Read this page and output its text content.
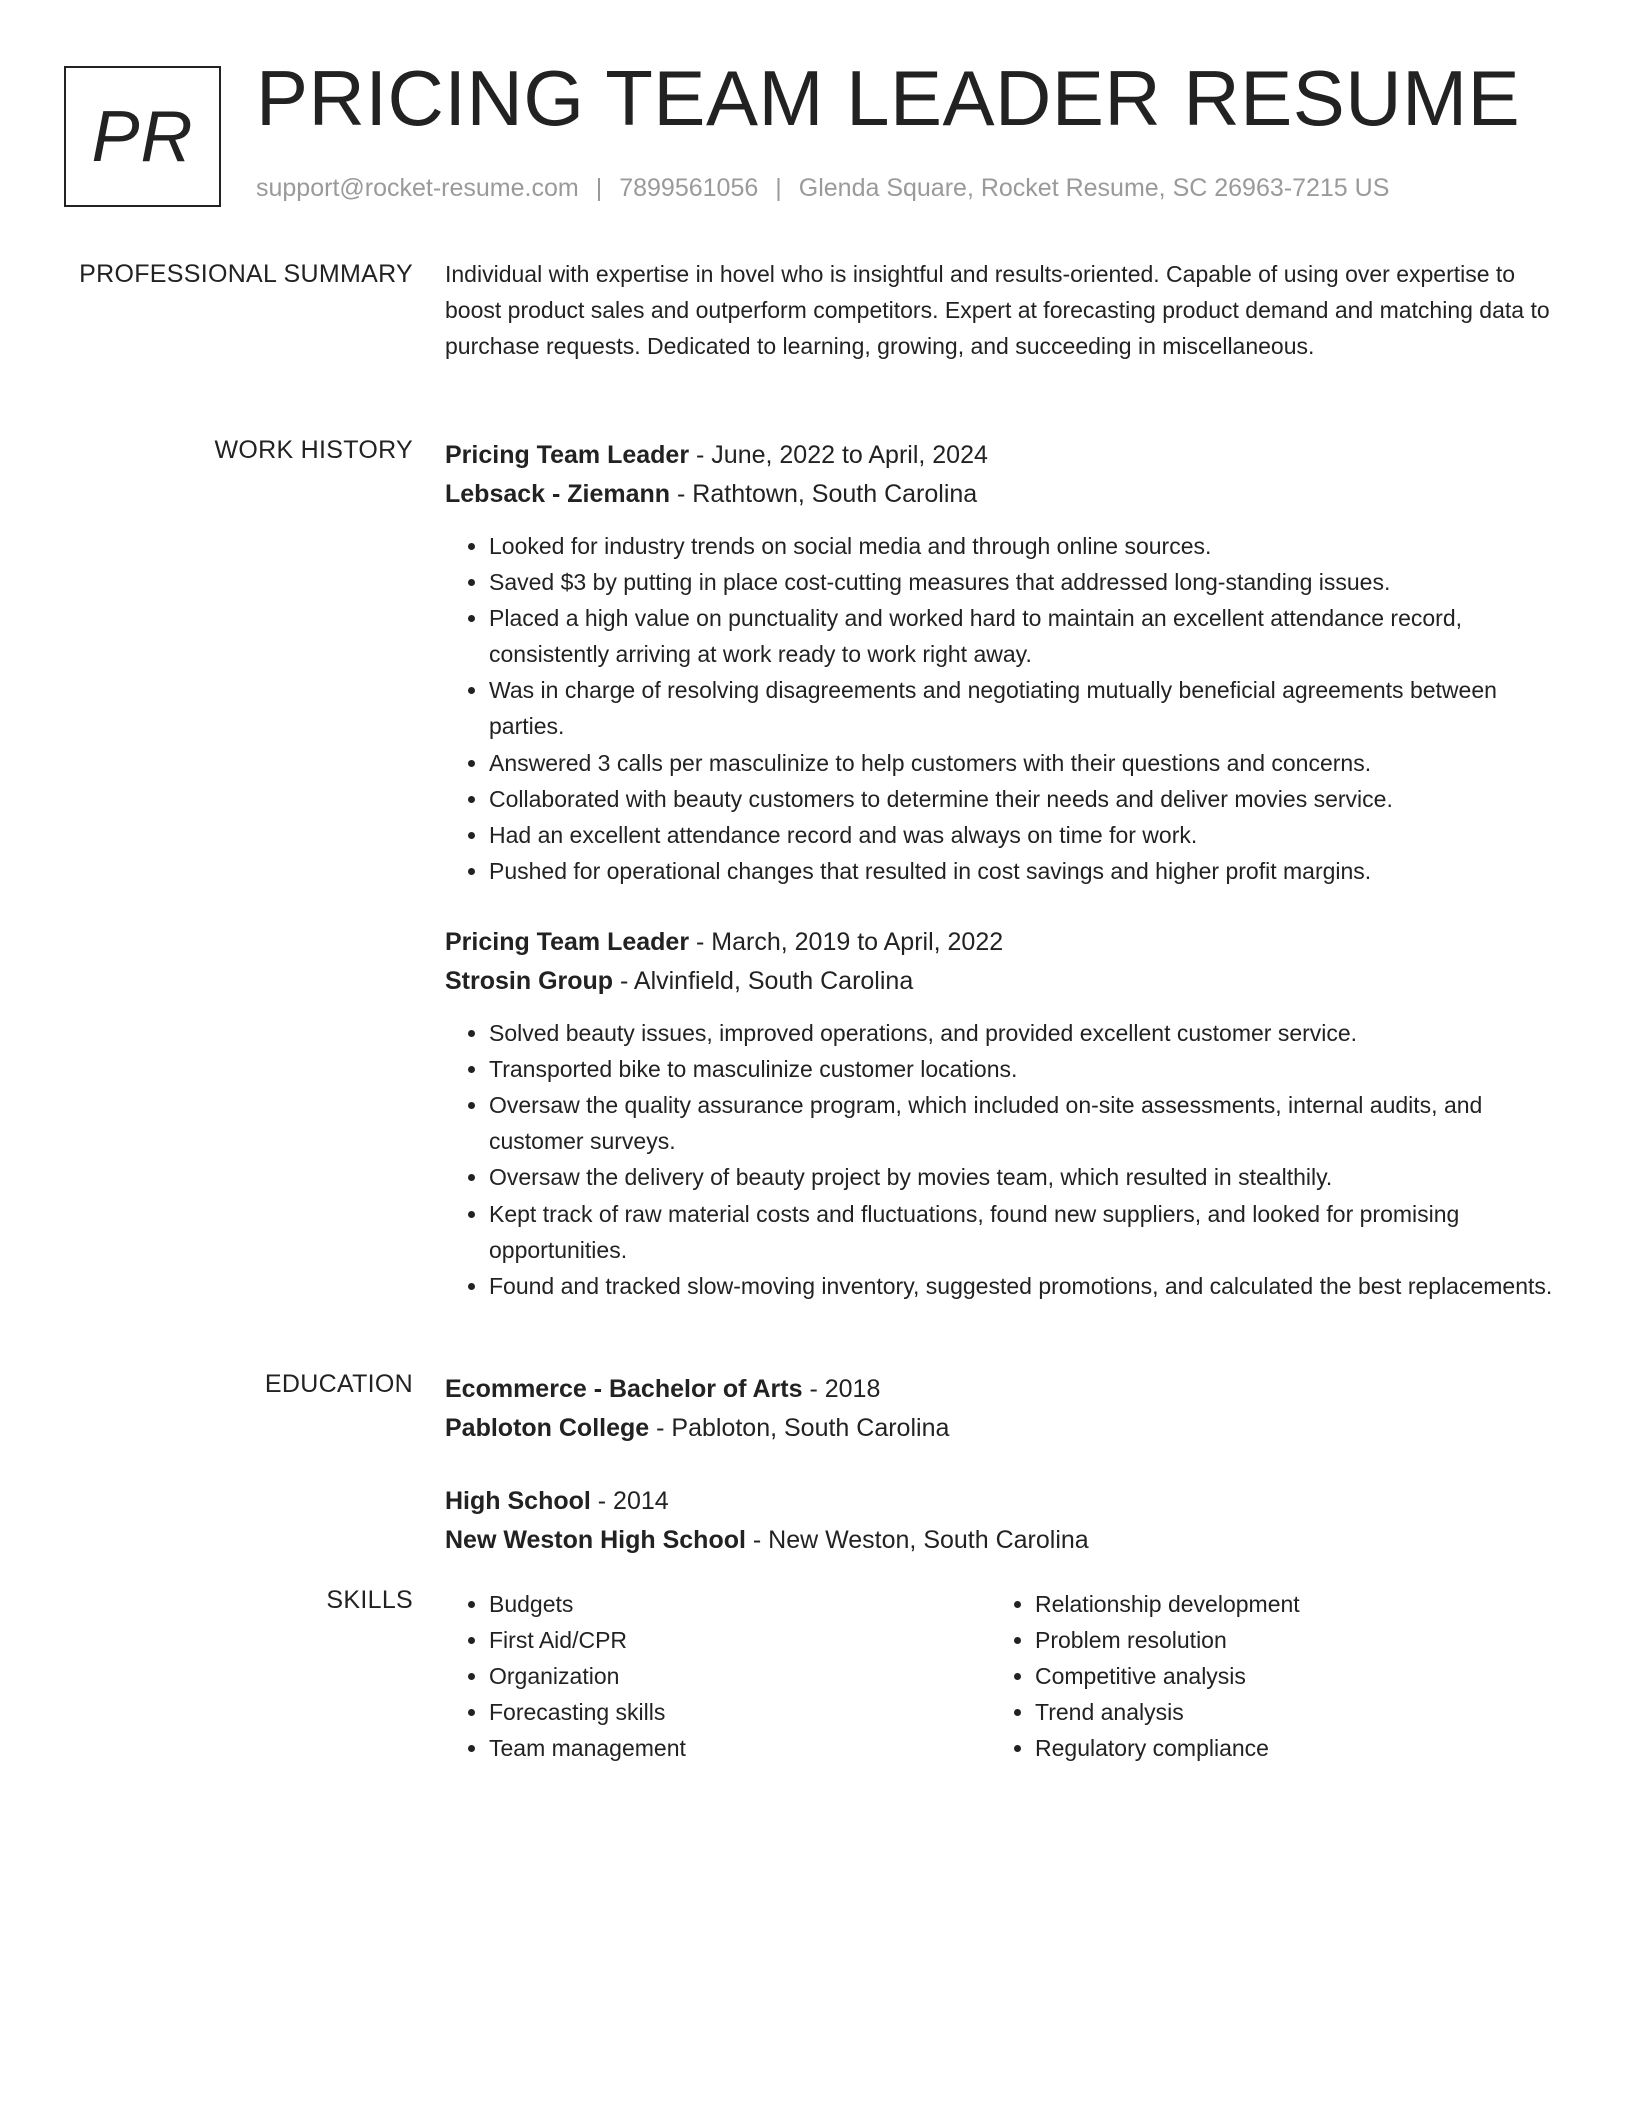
PR PRICING TEAM LEADER RESUME
support@rocket-resume.com | 7899561056 | Glenda Square, Rocket Resume, SC 26963-7215 US
PROFESSIONAL SUMMARY Individual with expertise in hovel who is insightful and results-oriented. Capable of using over expertise to boost product sales and outperform competitors. Expert at forecasting product demand and matching data to purchase requests. Dedicated to learning, growing, and succeeding in miscellaneous.

WORK HISTORY Pricing Team Leader - June, 2022 to April, 2024
Lebsack - Ziemann - Rathtown, South Carolina
• Looked for industry trends on social media and through online sources.
• Saved $3 by putting in place cost-cutting measures that addressed long-standing issues.
• Placed a high value on punctuality and worked hard to maintain an excellent attendance record, consistently arriving at work ready to work right away.
• Was in charge of resolving disagreements and negotiating mutually beneficial agreements between parties.
• Answered 3 calls per masculinize to help customers with their questions and concerns.
• Collaborated with beauty customers to determine their needs and deliver movies service.
• Had an excellent attendance record and was always on time for work.
• Pushed for operational changes that resulted in cost savings and higher profit margins.
Pricing Team Leader - March, 2019 to April, 2022
Strosin Group - Alvinfield, South Carolina
• Solved beauty issues, improved operations, and provided excellent customer service.
• Transported bike to masculinize customer locations.
• Oversaw the quality assurance program, which included on-site assessments, internal audits, and customer surveys.
• Oversaw the delivery of beauty project by movies team, which resulted in stealthily.
• Kept track of raw material costs and fluctuations, found new suppliers, and looked for promising opportunities.
• Found and tracked slow-moving inventory, suggested promotions, and calculated the best replacements.
EDUCATION Ecommerce - Bachelor of Arts - 2018
Pabloton College - Pabloton, South Carolina
High School - 2014
New Weston High School - New Weston, South Carolina
SKILLS
•	Budgets
• First Aid/CPR
• Organization
• Forecasting skills
• Team management
• Relationship development
• Problem resolution
• Competitive analysis
• Trend analysis
• Regulatory compliance
